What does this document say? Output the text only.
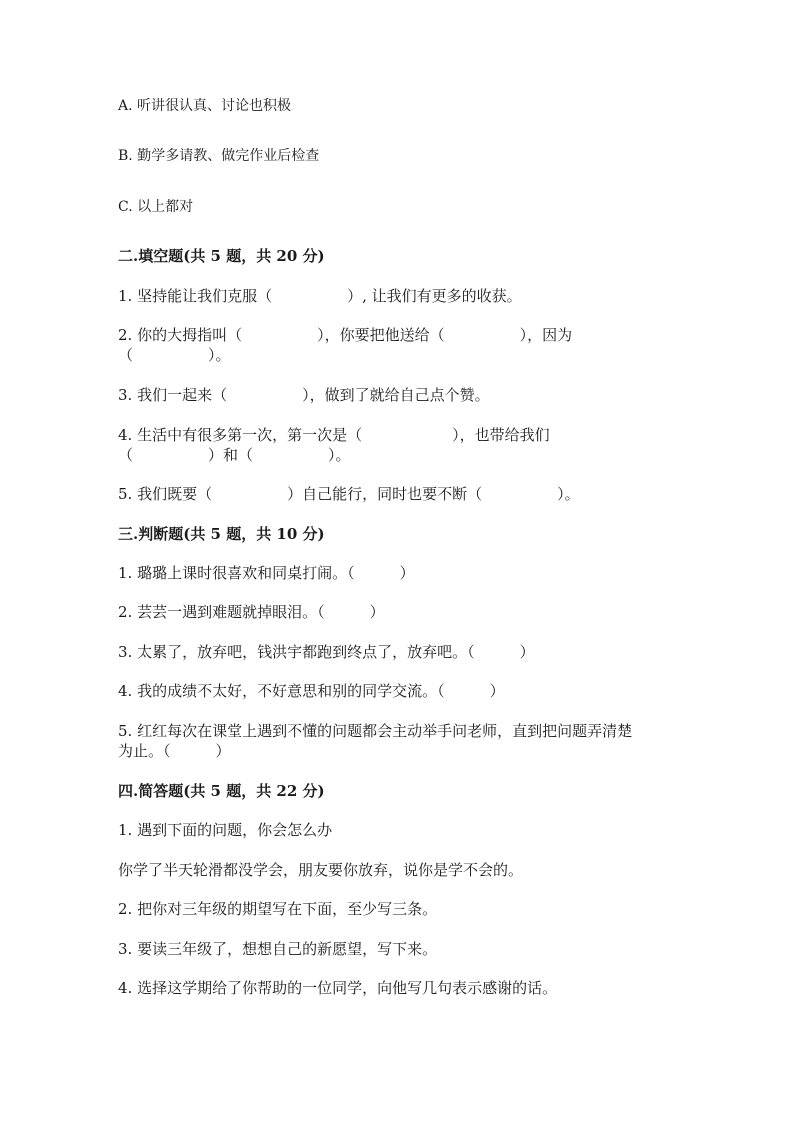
A. 听讲很认真、讨论也积极
B. 勤学多请教、做完作业后检查
C. 以上都对
二.填空题(共 5 题，共 20 分)
1. 坚持能让我们克服（　　　　　）, 让我们有更多的收获。
2. 你的大拇指叫（　　　　　），你要把他送给（　　　　　），因为
（　　　　　）。
3. 我们一起来（　　　　　），做到了就给自己点个赞。
4. 生活中有很多第一次，第一次是（　　　　　　），也带给我们
（　　　　　）和（　　　　　）。
5. 我们既要（　　　　　）自己能行，同时也要不断（　　　　　）。
三.判断题(共 5 题，共 10 分)
1. 璐璐上课时很喜欢和同桌打闹。（　　　）
2. 芸芸一遇到难题就掉眼泪。（　　　）
3. 太累了，放弃吧，钱洪宇都跑到终点了，放弃吧。（　　　）
4. 我的成绩不太好，不好意思和别的同学交流。（　　　）
5. 红红每次在课堂上遇到不懂的问题都会主动举手问老师，直到把问题弄清楚
为止。（　　　）
四.简答题(共 5 题，共 22 分)
1. 遇到下面的问题，你会怎么办
你学了半天轮滑都没学会，朋友要你放弃，说你是学不会的。
2. 把你对三年级的期望写在下面，至少写三条。
3. 要读三年级了，想想自己的新愿望，写下来。
4. 选择这学期给了你帮助的一位同学，向他写几句表示感谢的话。
